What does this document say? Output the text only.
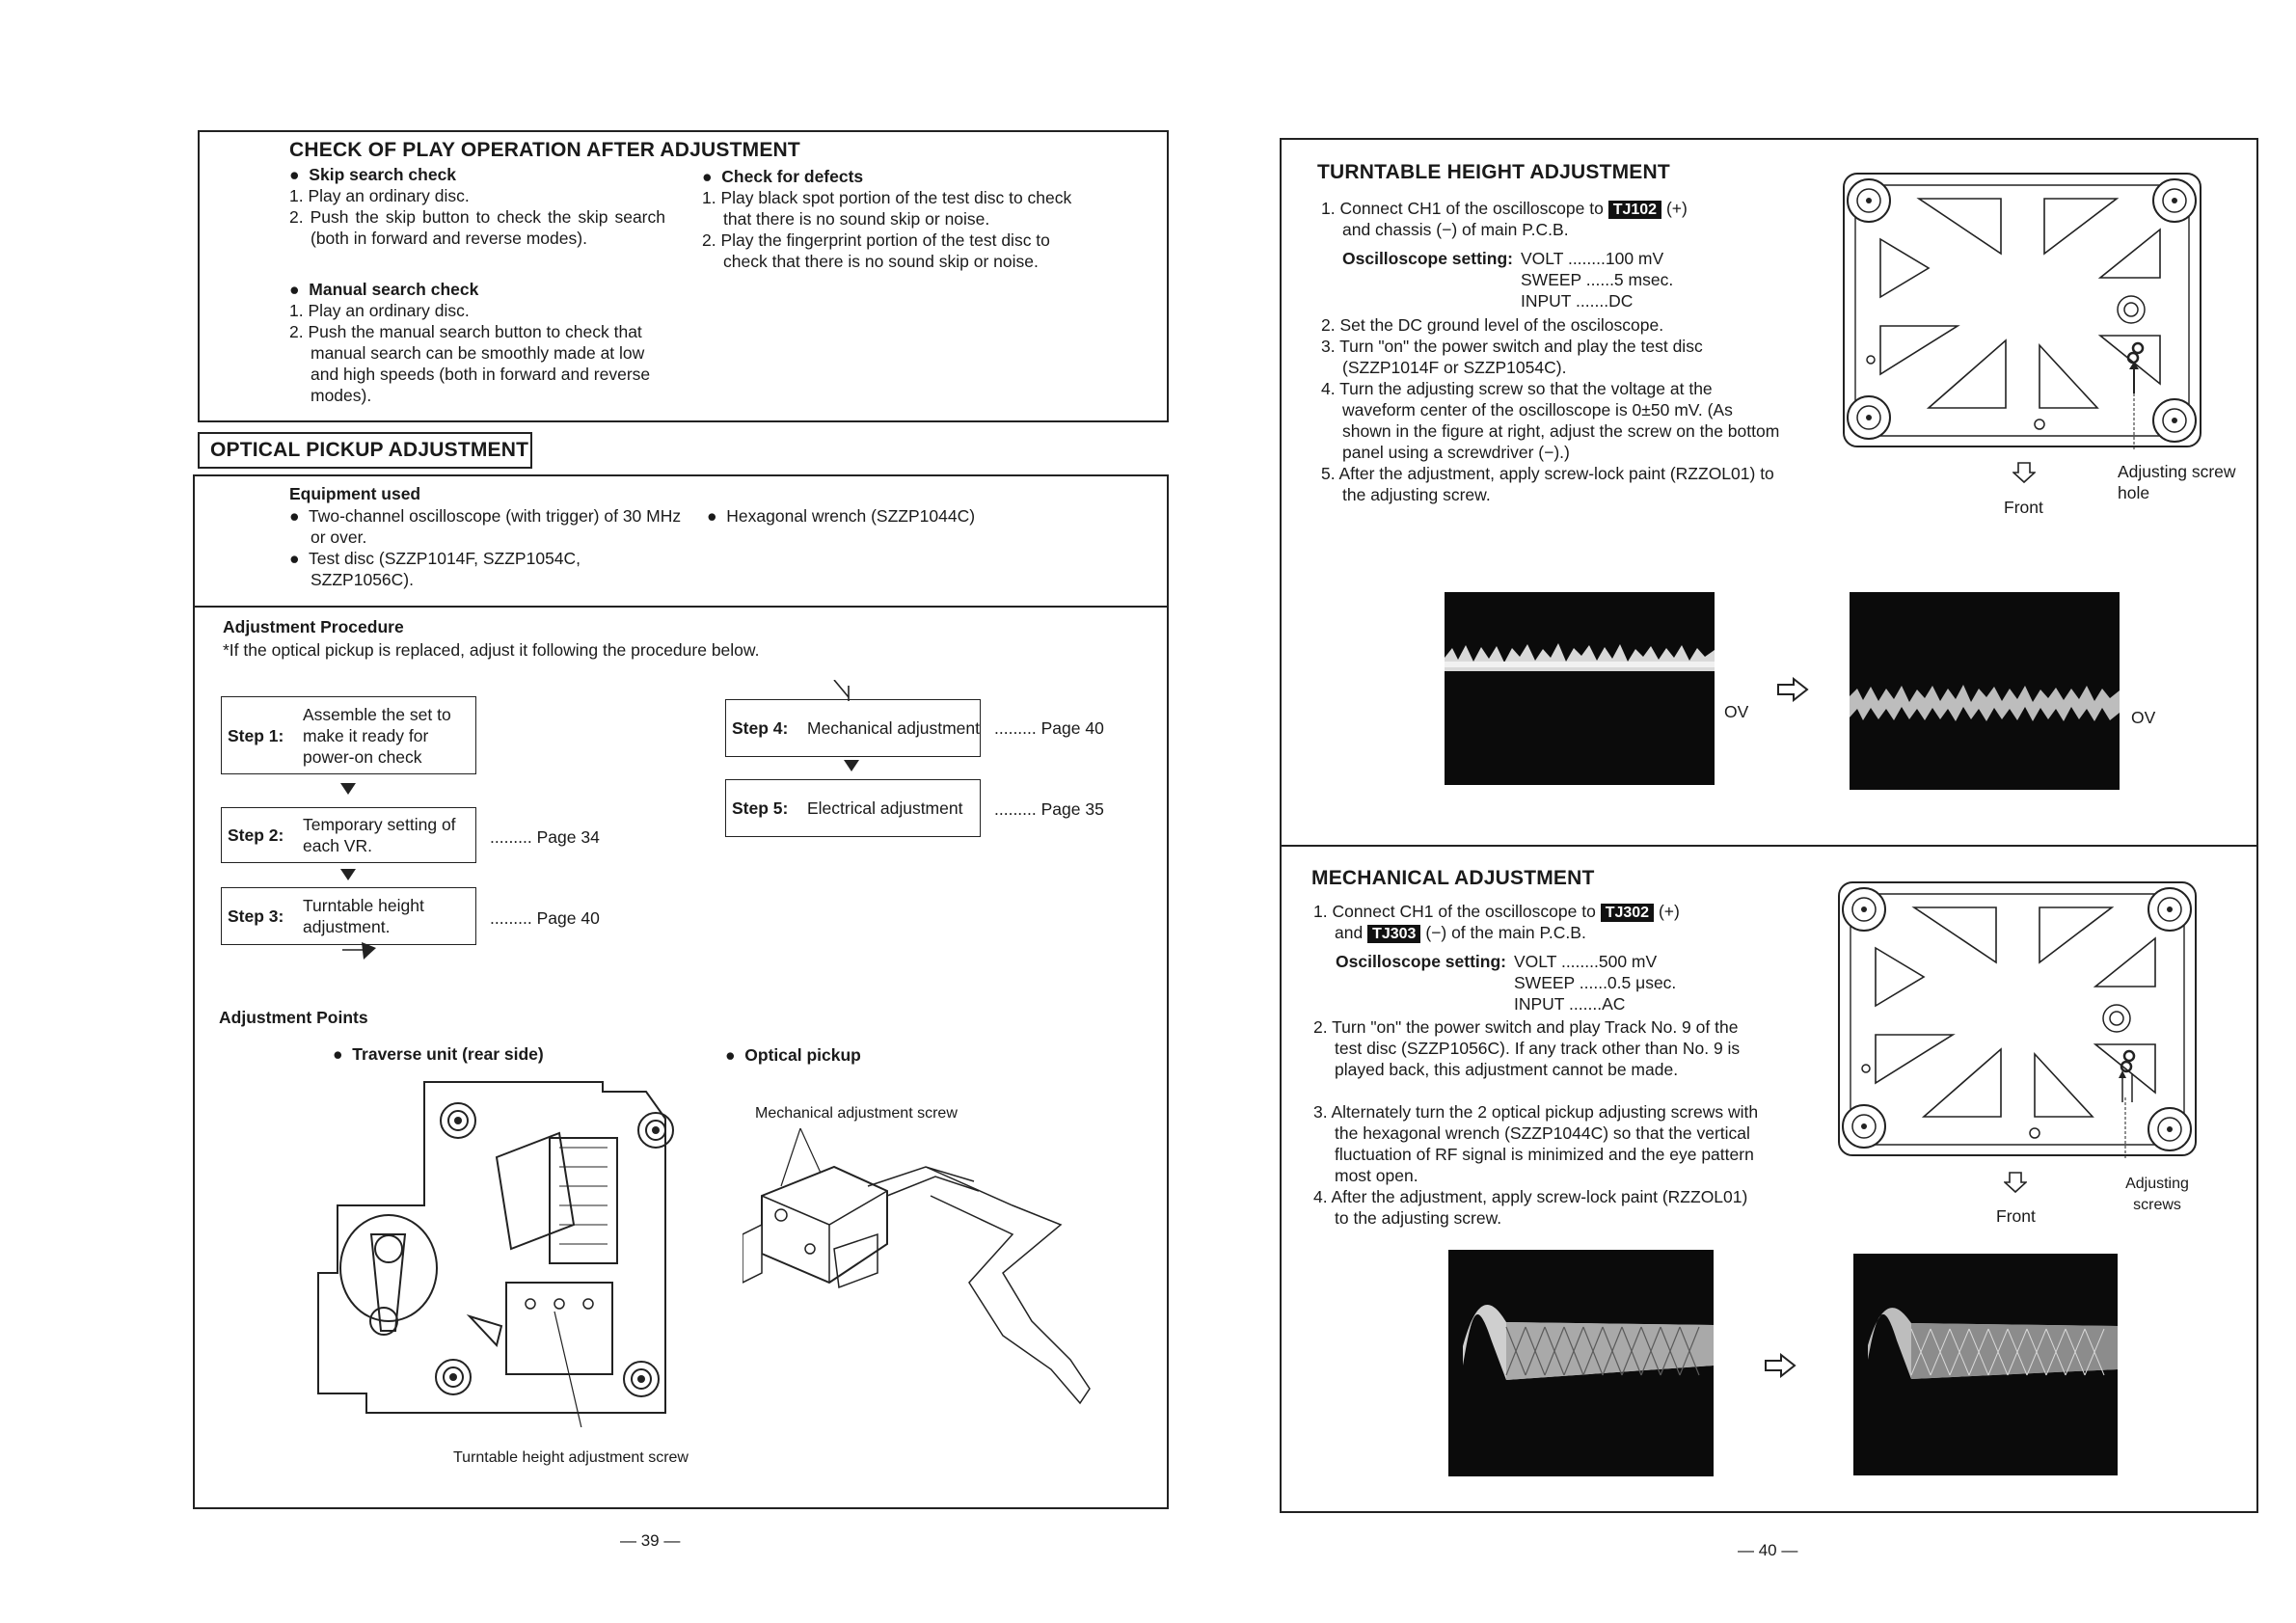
CHECK OF PLAY OPERATION AFTER ADJUSTMENT
●  Skip search check
1. Play an ordinary disc.
2. Push the skip button to check the skip search (both in forward and reverse modes).
●  Manual search check
1. Play an ordinary disc.
2. Push the manual search button to check that manual search can be smoothly made at low and high speeds (both in forward and reverse modes).
●  Check for defects
1. Play black spot portion of the test disc to check that there is no sound skip or noise.
2. Play the fingerprint portion of the test disc to check that there is no sound skip or noise.
OPTICAL PICKUP ADJUSTMENT
Equipment used
●  Two-channel oscilloscope (with trigger) of 30 MHz or over.
●  Test disc (SZZP1014F, SZZP1054C, SZZP1056C).
●  Hexagonal wrench (SZZP1044C)
Adjustment Procedure
*If the optical pickup is replaced, adjust it following the procedure below.
Step 1:
Assemble the set to make it ready for power-on check
Step 2:
Temporary setting of each VR.	......... Page 34
Step 3:
Turntable height adjustment.	......... Page 40
Step 4:	Mechanical adjustment ......... Page 40
Step 5:	Electrical adjustment	......... Page 35
Adjustment Points
●  Traverse unit (rear side)	●  Optical pickup
Turntable height adjustment screw
Mechanical adjustment screw
— 39 —
TURNTABLE HEIGHT ADJUSTMENT
1. Connect CH1 of the oscilloscope to TJ102 (+)
and chassis (−) of main P.C.B.
Oscilloscope setting: VOLT ........100 mV
SWEEP ......5 msec.
INPUT .......DC
2. Set the DC ground level of the osciloscope.
3. Turn "on" the power switch and play the test disc (SZZP1014F or SZZP1054C).
4. Turn the adjusting screw so that the voltage at the waveform center of the oscilloscope is 0±50 mV. (As shown in the figure at right, adjust the screw on the bottom panel using a screwdriver (−).)
5. After the adjustment, apply screw-lock paint (RZZOL01) to the adjusting screw.
Front
Adjusting screw hole
OV	OV
MECHANICAL ADJUSTMENT
1. Connect CH1 of the oscilloscope to TJ302 (+)
and TJ303 (−) of the main P.C.B.
Oscilloscope setting: VOLT ........500 mV
SWEEP ......0.5 μsec.
INPUT .......AC
2. Turn "on" the power switch and play Track No. 9 of the test disc (SZZP1056C). If any track other than No. 9 is played back, this adjustment cannot be made.
3. Alternately turn the 2 optical pickup adjusting screws with the hexagonal wrench (SZZP1044C) so that the vertical fluctuation of RF signal is minimized and the eye pattern most open.
4. After the adjustment, apply screw-lock paint (RZZOL01) to the adjusting screw.	Front
Adjusting screws
— 40 —
